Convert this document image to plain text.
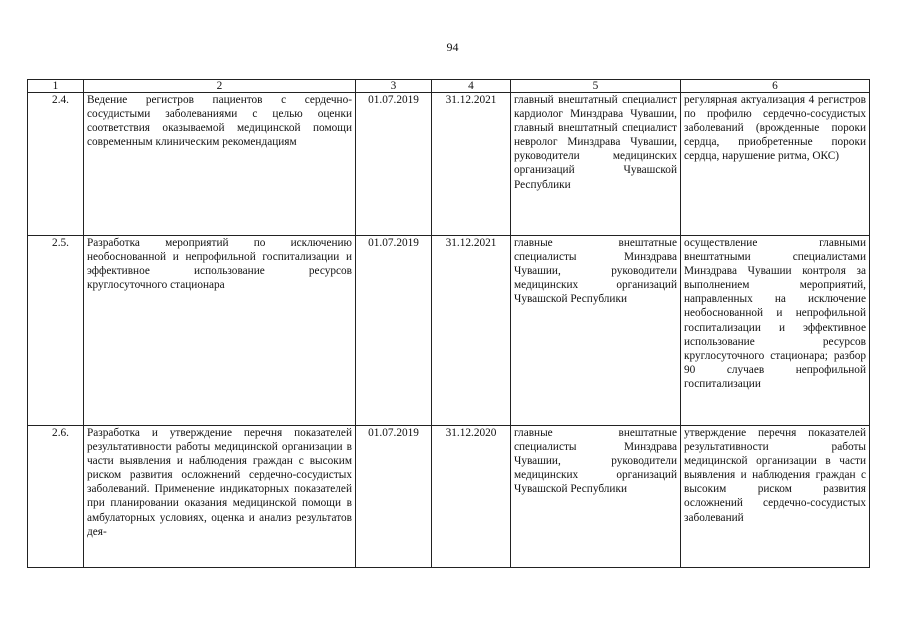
94
1	2	3	4	5	6
2.4.	Ведение регистров пациентов с сердечно-сосудистыми заболеваниями с целью оценки соответствия оказываемой медицинской помощи современным клиническим рекомендациям	01.07.2019	31.12.2021	главный внештатный специалист кардиолог Минздрава Чувашии, главный внештатный специалист невролог Минздрава Чувашии, руководители медицинских организаций Чувашской Республики	регулярная актуализация 4 регистров по профилю сердечно-сосудистых заболеваний (врожденные пороки сердца, приобретенные пороки сердца, нарушение ритма, ОКС)
2.5.	Разработка мероприятий по исключению необоснованной и непрофильной госпитализации и эффективное использование ресурсов круглосуточного стационара	01.07.2019	31.12.2021	главные внештатные специалисты Минздрава Чувашии, руководители медицинских организаций Чувашской Республики	осуществление главными внештатными специалистами Минздрава Чувашии контроля за выполнением мероприятий, направленных на исключение необоснованной и непрофильной госпитализации и эффективное использование ресурсов круглосуточного стационара; разбор 90 случаев непрофильной госпитализации
2.6.	Разработка и утверждение перечня показателей результативности работы медицинской организации в части выявления и наблюдения граждан с высоким риском развития осложнений сердечно-сосудистых заболеваний. Применение индикаторных показателей при планировании оказания медицинской помощи в амбулаторных условиях, оценка и анализ результатов дея-	01.07.2019	31.12.2020	главные внештатные специалисты Минздрава Чувашии, руководители медицинских организаций Чувашской Республики	утверждение перечня показателей результативности работы медицинской организации в части выявления и наблюдения граждан с высоким риском развития осложнений сердечно-сосудистых заболеваний
